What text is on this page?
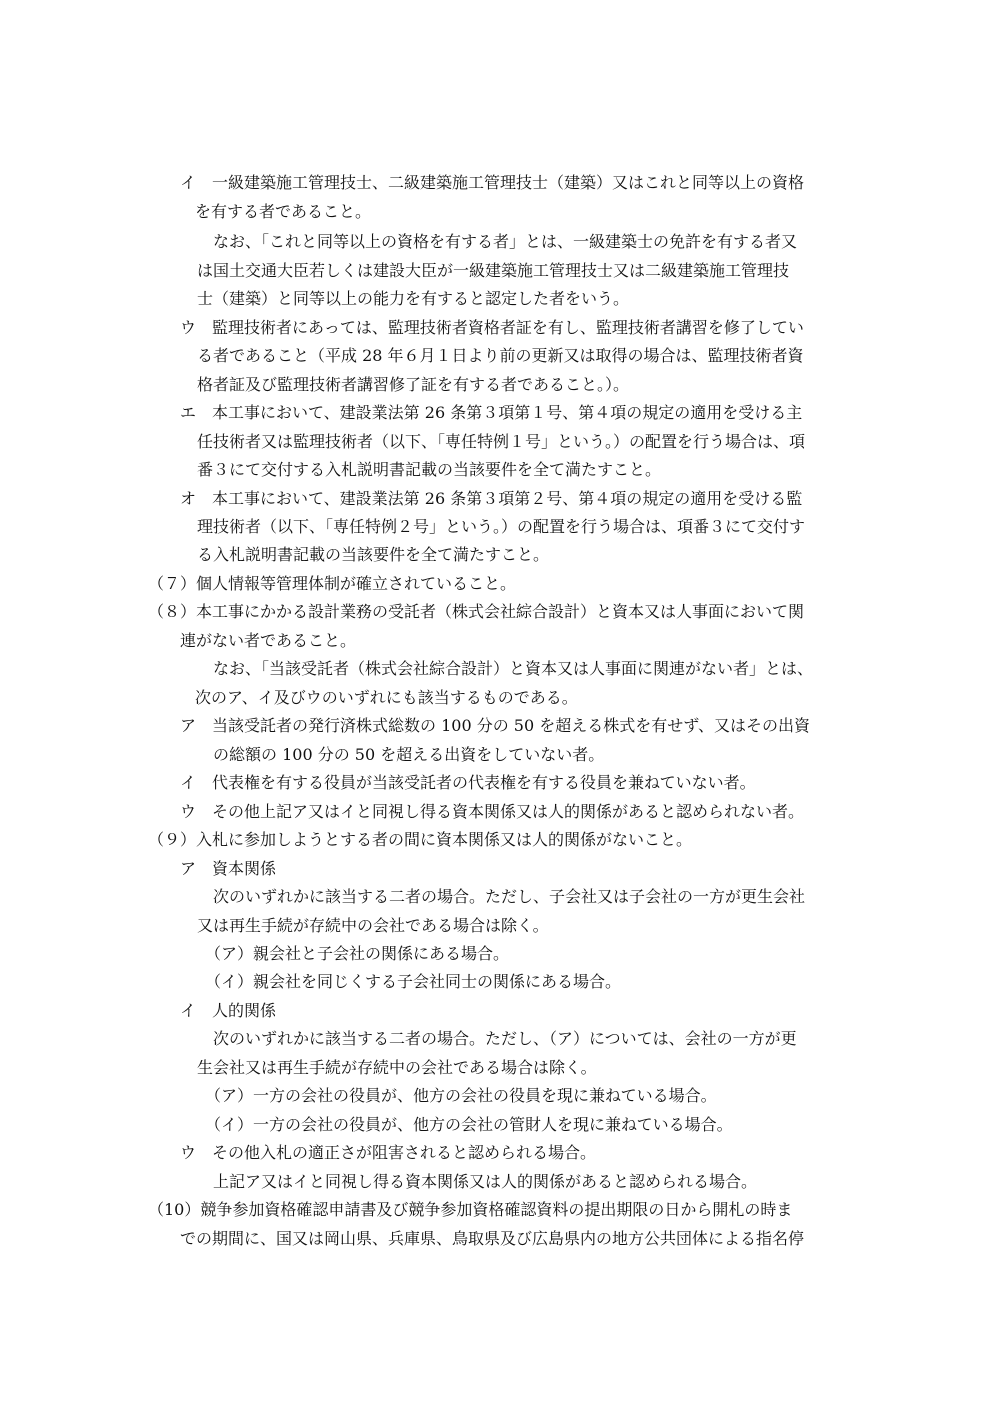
イ　一級建築施工管理技士、二級建築施工管理技士（建築）又はこれと同等以上の資格
を有する者であること。
なお、「これと同等以上の資格を有する者」とは、一級建築士の免許を有する者又
は国土交通大臣若しくは建設大臣が一級建築施工管理技士又は二級建築施工管理技
士（建築）と同等以上の能力を有すると認定した者をいう。
ウ　監理技術者にあっては、監理技術者資格者証を有し、監理技術者講習を修了してい
る者であること（平成 28 年６月１日より前の更新又は取得の場合は、監理技術者資
格者証及び監理技術者講習修了証を有する者であること。）。
エ　本工事において、建設業法第 26 条第３項第１号、第４項の規定の適用を受ける主
任技術者又は監理技術者（以下、「専任特例１号」という。）の配置を行う場合は、項
番３にて交付する入札説明書記載の当該要件を全て満たすこと。
オ　本工事において、建設業法第 26 条第３項第２号、第４項の規定の適用を受ける監
理技術者（以下、「専任特例２号」という。）の配置を行う場合は、項番３にて交付す
る入札説明書記載の当該要件を全て満たすこと。
（７）個人情報等管理体制が確立されていること。
（８）本工事にかかる設計業務の受託者（株式会社綜合設計）と資本又は人事面において関
連がない者であること。
なお、「当該受託者（株式会社綜合設計）と資本又は人事面に関連がない者」とは、
次のア、イ及びウのいずれにも該当するものである。
ア　当該受託者の発行済株式総数の 100 分の 50 を超える株式を有せず、又はその出資
の総額の 100 分の 50 を超える出資をしていない者。
イ　代表権を有する役員が当該受託者の代表権を有する役員を兼ねていない者。
ウ　その他上記ア又はイと同視し得る資本関係又は人的関係があると認められない者。
（９）入札に参加しようとする者の間に資本関係又は人的関係がないこと。
ア　資本関係
次のいずれかに該当する二者の場合。ただし、子会社又は子会社の一方が更生会社
又は再生手続が存続中の会社である場合は除く。
（ア）親会社と子会社の関係にある場合。
（イ）親会社を同じくする子会社同士の関係にある場合。
イ　人的関係
次のいずれかに該当する二者の場合。ただし、（ア）については、会社の一方が更
生会社又は再生手続が存続中の会社である場合は除く。
（ア）一方の会社の役員が、他方の会社の役員を現に兼ねている場合。
（イ）一方の会社の役員が、他方の会社の管財人を現に兼ねている場合。
ウ　その他入札の適正さが阻害されると認められる場合。
上記ア又はイと同視し得る資本関係又は人的関係があると認められる場合。
（10）競争参加資格確認申請書及び競争参加資格確認資料の提出期限の日から開札の時ま
での期間に、国又は岡山県、兵庫県、鳥取県及び広島県内の地方公共団体による指名停
